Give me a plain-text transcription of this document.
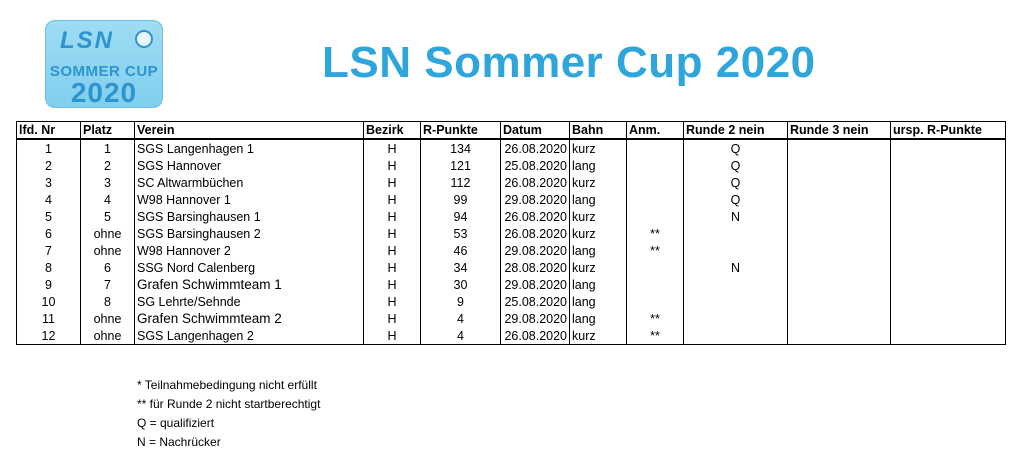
LSN
SOMMER CUP
2020
LSN Sommer Cup 2020
lfd. Nr	Platz	Verein	Bezirk	R-Punkte	Datum	Bahn	Anm.	Runde 2 nein	Runde 3 nein	ursp. R-Punkte
1	1	SGS Langenhagen 1	H	134	26.08.2020	kurz		Q		
2	2	SGS Hannover	H	121	25.08.2020	lang		Q		
3	3	SC Altwarmbüchen	H	112	26.08.2020	kurz		Q		
4	4	W98 Hannover 1	H	99	29.08.2020	lang		Q		
5	5	SGS Barsinghausen 1	H	94	26.08.2020	kurz		N		
6	ohne	SGS Barsinghausen 2	H	53	26.08.2020	kurz	**			
7	ohne	W98 Hannover 2	H	46	29.08.2020	lang	**			
8	6	SSG Nord Calenberg	H	34	28.08.2020	kurz		N		
9	7	Grafen Schwimmteam 1	H	30	29.08.2020	lang				
10	8	SG Lehrte/Sehnde	H	9	25.08.2020	lang				
11	ohne	Grafen Schwimmteam 2	H	4	29.08.2020	lang	**			
12	ohne	SGS Langenhagen 2	H	4	26.08.2020	kurz	**			
* Teilnahmebedingung nicht erfüllt
** für Runde 2 nicht startberechtigt
Q = qualifiziert
N = Nachrücker
